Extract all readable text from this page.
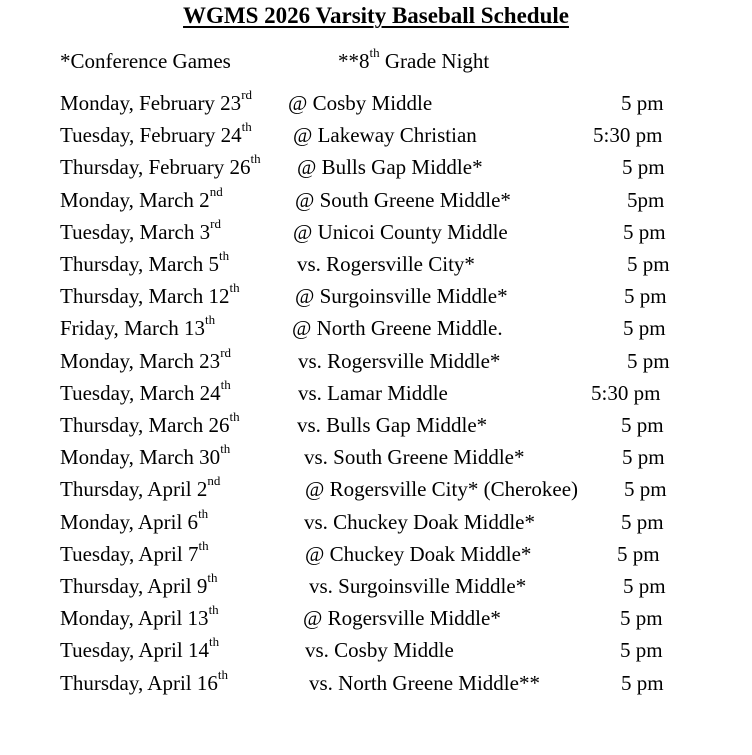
WGMS 2026 Varsity Baseball Schedule
*Conference Games	**8th Grade Night
Monday, February 23rd @ Cosby Middle	5 pm
Tuesday, February 24th @ Lakeway Christian	5:30 pm
Thursday, February 26th @ Bulls Gap Middle*	5 pm
Monday, March 2nd	@ South Greene Middle*	5pm
Tuesday, March 3rd	@ Unicoi County Middle	5 pm
Thursday, March 5th	vs. Rogersville City*	5 pm
Thursday, March 12th	@ Surgoinsville Middle*	5 pm
Friday, March 13th	@ North Greene Middle.	5 pm
Monday, March 23rd	vs. Rogersville Middle*	5 pm
Tuesday, March 24th	vs. Lamar Middle	5:30 pm
Thursday, March 26th	vs. Bulls Gap Middle*	5 pm
Monday, March 30th	vs. South Greene Middle*	5 pm
Thursday, April 2nd	@ Rogersville City* (Cherokee) 5 pm
Monday, April 6th	vs. Chuckey Doak Middle*	5 pm
Tuesday, April 7th	@ Chuckey Doak Middle*	5 pm
Thursday, April 9th	vs. Surgoinsville Middle*	5 pm
Monday, April 13th	@ Rogersville Middle*	5 pm
Tuesday, April 14th	vs. Cosby Middle	5 pm
Thursday, April 16th	vs. North Greene Middle**	5 pm
